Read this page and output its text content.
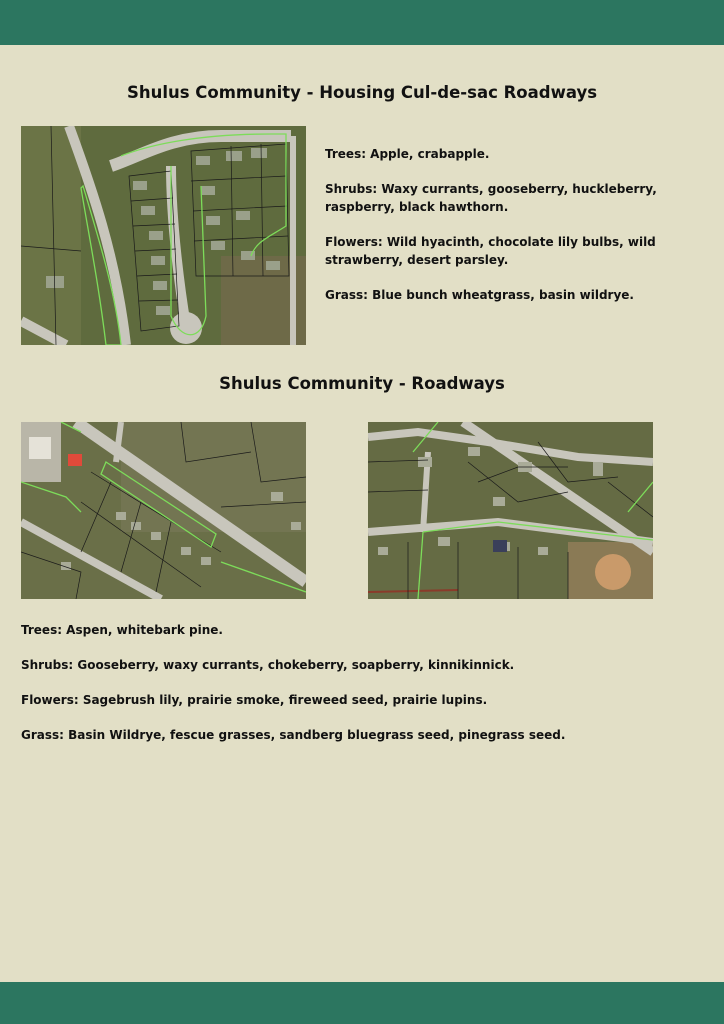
Shulus Community - Housing Cul-de-sac Roadways

Trees: Apple, crabapple.

Shrubs: Waxy currants, gooseberry, huckleberry, raspberry, black hawthorn.

Flowers: Wild hyacinth, chocolate lily bulbs, wild strawberry, desert parsley.

Grass: Blue bunch wheatgrass, basin wildrye.

Shulus Community - Roadways

Trees: Aspen, whitebark pine.

Shrubs: Gooseberry, waxy currants, chokeberry, soapberry, kinnikinnick.

Flowers: Sagebrush lily, prairie smoke, fireweed seed, prairie lupins.

Grass: Basin Wildrye, fescue grasses, sandberg bluegrass seed, pinegrass seed.
